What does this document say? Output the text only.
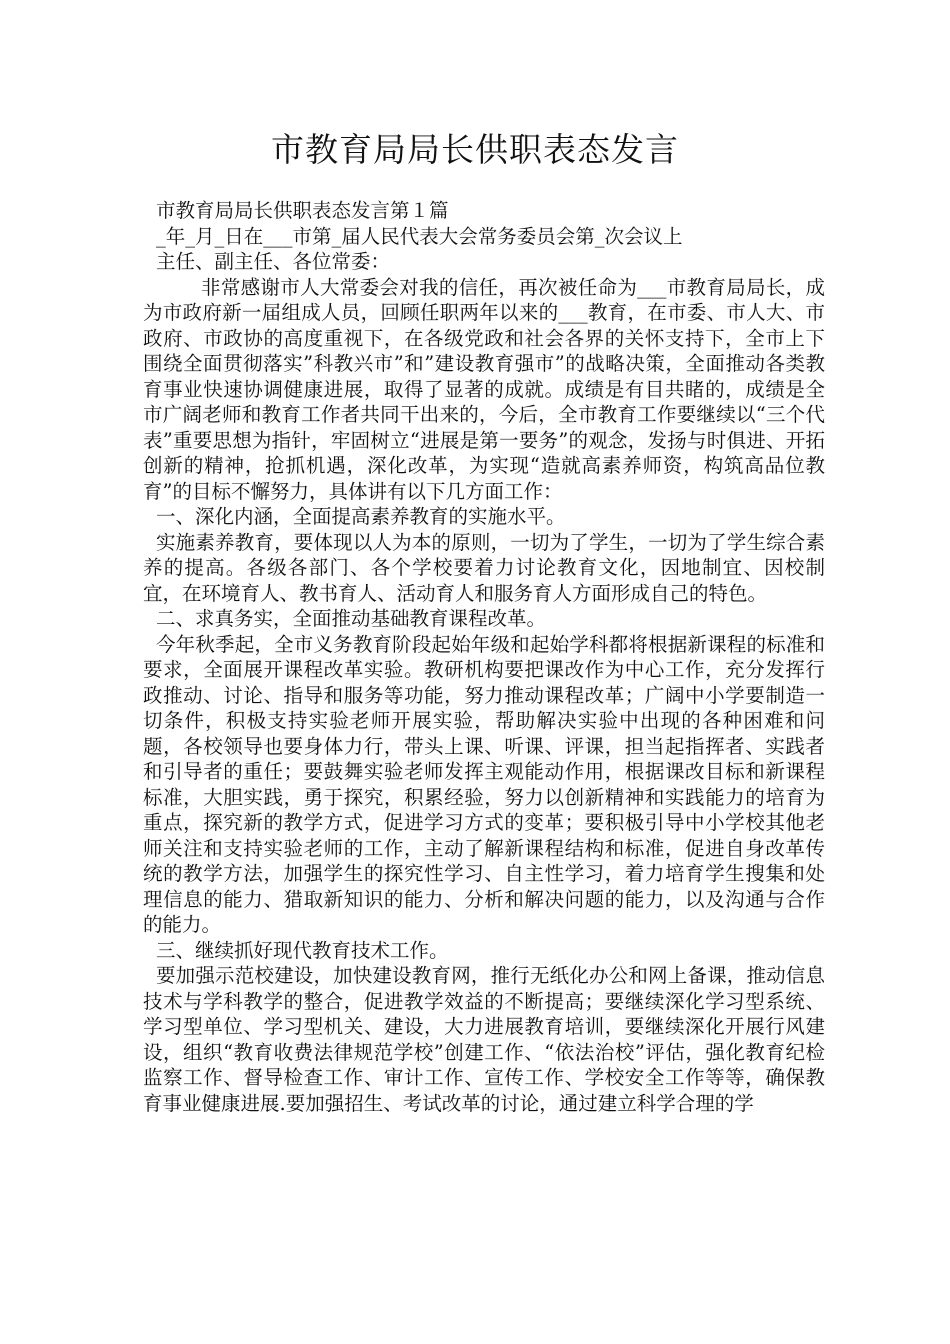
市教育局局长供职表态发言
市教育局局长供职表态发言第１篇
_年_月_日在___市第_届人民代表大会常务委员会第_次会议上
主任、副主任、各位常委：

非常感谢市人大常委会对我的信任，再次被任命为___市教育局局长，成为市政府新一届组成人员，回顾任职两年以来的___教育，在市委、市人大、市政府、市政协的高度重视下，在各级党政和社会各界的关怀支持下，全市上下围绕全面贯彻落实”科教兴市”和”建设教育强市”的战略决策，全面推动各类教育事业快速协调健康进展，取得了显著的成就。成绩是有目共睹的，成绩是全市广阔老师和教育工作者共同干出来的，今后，全市教育工作要继续以“三个代表”重要思想为指针，牢固树立“进展是第一要务”的观念，发扬与时俱进、开拓创新的精神，抢抓机遇，深化改革，为实现“造就高素养师资，构筑高品位教育”的目标不懈努力，具体讲有以下几方面工作：

一、深化内涵，全面提高素养教育的实施水平。

实施素养教育，要体现以人为本的原则，一切为了学生，一切为了学生综合素养的提高。各级各部门、各个学校要着力讨论教育文化，因地制宜、因校制宜，在环境育人、教书育人、活动育人和服务育人方面形成自己的特色。

二、求真务实，全面推动基础教育课程改革。

今年秋季起，全市义务教育阶段起始年级和起始学科都将根据新课程的标准和要求，全面展开课程改革实验。教研机构要把课改作为中心工作，充分发挥行政推动、讨论、指导和服务等功能，努力推动课程改革；广阔中小学要制造一切条件，积极支持实验老师开展实验，帮助解决实验中出现的各种困难和问题，各校领导也要身体力行，带头上课、听课、评课，担当起指挥者、实践者和引导者的重任；要鼓舞实验老师发挥主观能动作用，根据课改目标和新课程标准，大胆实践，勇于探究，积累经验，努力以创新精神和实践能力的培育为重点，探究新的教学方式，促进学习方式的变革；要积极引导中小学校其他老师关注和支持实验老师的工作，主动了解新课程结构和标准，促进自身改革传统的教学方法，加强学生的探究性学习、自主性学习，着力培育学生搜集和处理信息的能力、猎取新知识的能力、分析和解决问题的能力，以及沟通与合作的能力。

三、继续抓好现代教育技术工作。

要加强示范校建设，加快建设教育网，推行无纸化办公和网上备课，推动信息技术与学科教学的整合，促进教学效益的不断提高；要继续深化学习型系统、学习型单位、学习型机关、建设，大力进展教育培训，要继续深化开展行风建设，组织“教育收费法律规范学校”创建工作、“依法治校”评估，强化教育纪检监察工作、督导检查工作、审计工作、宣传工作、学校安全工作等等，确保教育事业健康进展.要加强招生、考试改革的讨论，通过建立科学合理的学
